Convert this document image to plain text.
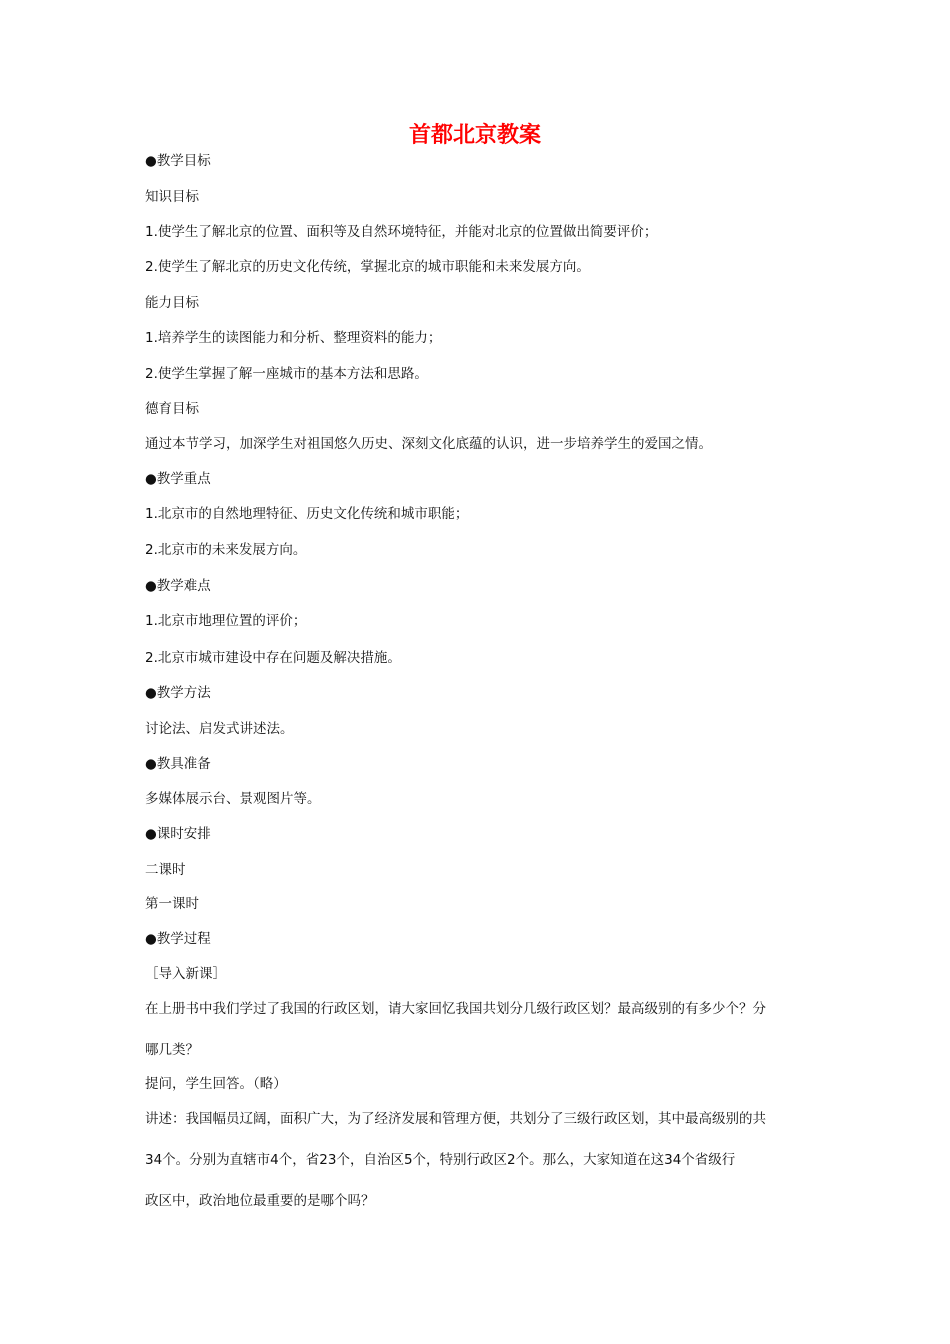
首都北京教案
●教学目标
知识目标
1.使学生了解北京的位置、面积等及自然环境特征，并能对北京的位置做出简要评价；
2.使学生了解北京的历史文化传统，掌握北京的城市职能和未来发展方向。
能力目标
1.培养学生的读图能力和分析、整理资料的能力；
2.使学生掌握了解一座城市的基本方法和思路。
德育目标
通过本节学习，加深学生对祖国悠久历史、深刻文化底蕴的认识，进一步培养学生的爱国之情。
●教学重点
1.北京市的自然地理特征、历史文化传统和城市职能；
2.北京市的未来发展方向。
●教学难点
1.北京市地理位置的评价；
2.北京市城市建设中存在问题及解决措施。
●教学方法
讨论法、启发式讲述法。
●教具准备
多媒体展示台、景观图片等。
●课时安排
二课时
第一课时
●教学过程
［导入新课］
在上册书中我们学过了我国的行政区划，请大家回忆我国共划分几级行政区划？最高级别的有多少个？分
哪几类？
提问，学生回答。（略）
讲述：我国幅员辽阔，面积广大，为了经济发展和管理方便，共划分了三级行政区划，其中最高级别的共
34个。分别为直辖市4个，省23个，自治区5个，特别行政区2个。那么，大家知道在这34个省级行
政区中，政治地位最重要的是哪个吗？
